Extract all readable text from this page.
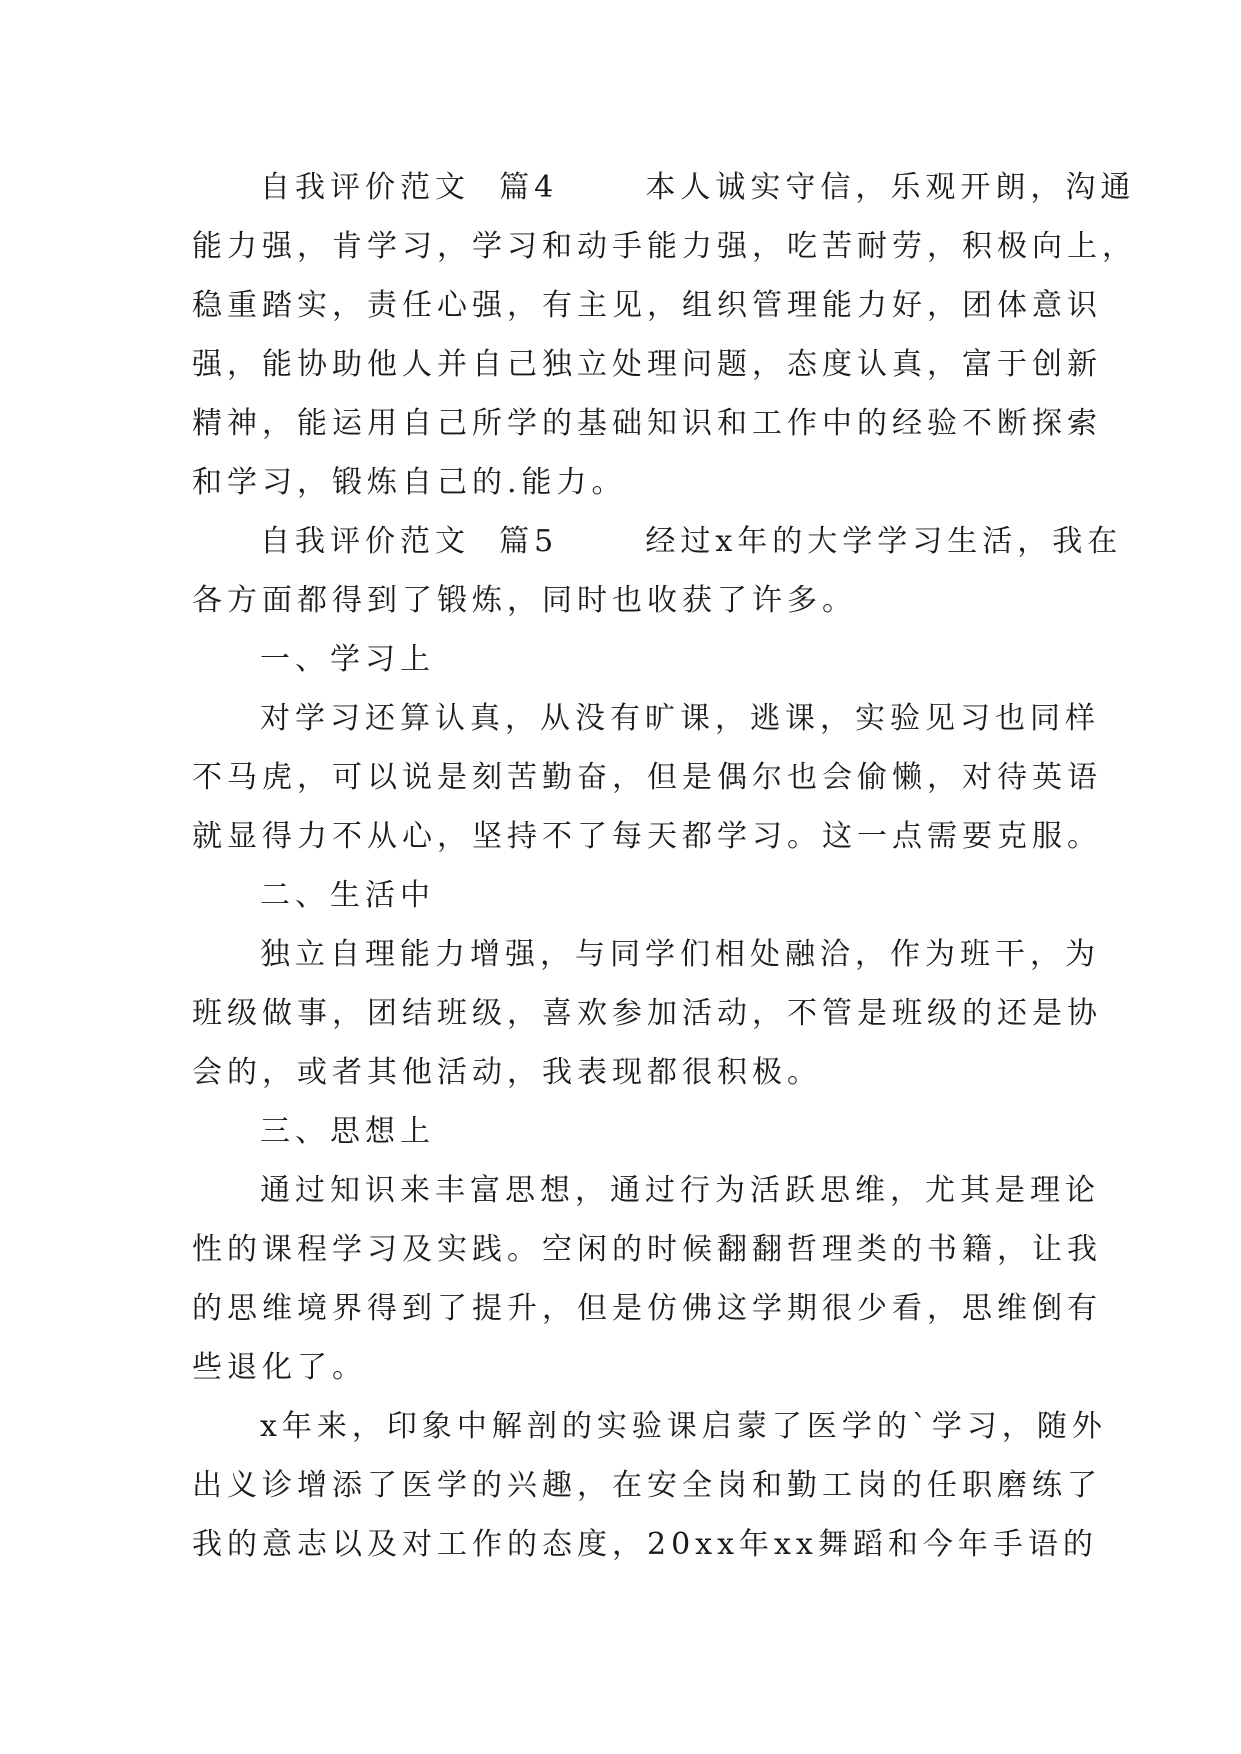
自我评价范文  篇4      本人诚实守信，乐观开朗，沟通
能力强，肯学习，学习和动手能力强，吃苦耐劳，积极向上，
稳重踏实，责任心强，有主见，组织管理能力好，团体意识
强，能协助他人并自己独立处理问题，态度认真，富于创新
精神，能运用自己所学的基础知识和工作中的经验不断探索
和学习，锻炼自己的.能力。
自我评价范文  篇5      经过x年的大学学习生活，我在
各方面都得到了锻炼，同时也收获了许多。
一、学习上
对学习还算认真，从没有旷课，逃课，实验见习也同样
不马虎，可以说是刻苦勤奋，但是偶尔也会偷懒，对待英语
就显得力不从心，坚持不了每天都学习。这一点需要克服。
二、生活中
独立自理能力增强，与同学们相处融洽，作为班干，为
班级做事，团结班级，喜欢参加活动，不管是班级的还是协
会的，或者其他活动，我表现都很积极。
三、思想上
通过知识来丰富思想，通过行为活跃思维，尤其是理论
性的课程学习及实践。空闲的时候翻翻哲理类的书籍，让我
的思维境界得到了提升，但是仿佛这学期很少看，思维倒有
些退化了。
x年来，印象中解剖的实验课启蒙了医学的`学习，随外
出义诊增添了医学的兴趣，在安全岗和勤工岗的任职磨练了
我的意志以及对工作的态度，20xx年xx舞蹈和今年手语的
